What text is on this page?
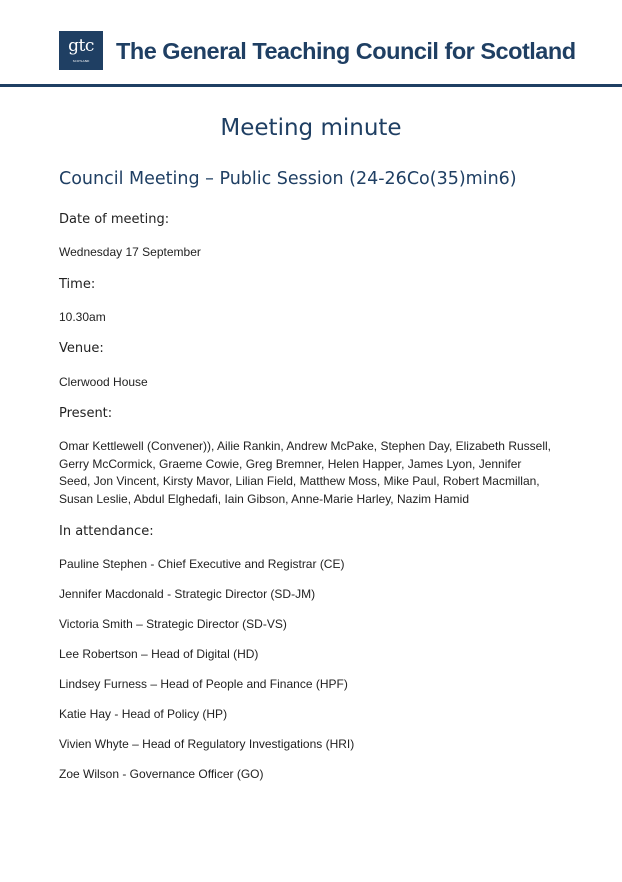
gtc
SCOTLAND	The General Teaching Council for Scotland
Meeting minute
Council Meeting – Public Session (24-26Co(35)min6)
Date of meeting:
Wednesday 17 September
Time:
10.30am
Venue:
Clerwood House
Present:
Omar Kettlewell (Convener)), Ailie Rankin, Andrew McPake, Stephen Day, Elizabeth Russell,
Gerry McCormick, Graeme Cowie, Greg Bremner, Helen Happer, James Lyon, Jennifer
Seed, Jon Vincent, Kirsty Mavor, Lilian Field, Matthew Moss, Mike Paul, Robert Macmillan,
Susan Leslie, Abdul Elghedafi, Iain Gibson, Anne-Marie Harley, Nazim Hamid
In attendance:
Pauline Stephen - Chief Executive and Registrar (CE)
Jennifer Macdonald - Strategic Director (SD-JM)
Victoria Smith – Strategic Director (SD-VS)
Lee Robertson – Head of Digital (HD)
Lindsey Furness – Head of People and Finance (HPF)
Katie Hay - Head of Policy (HP)
Vivien Whyte – Head of Regulatory Investigations (HRI)
Zoe Wilson - Governance Officer (GO)
